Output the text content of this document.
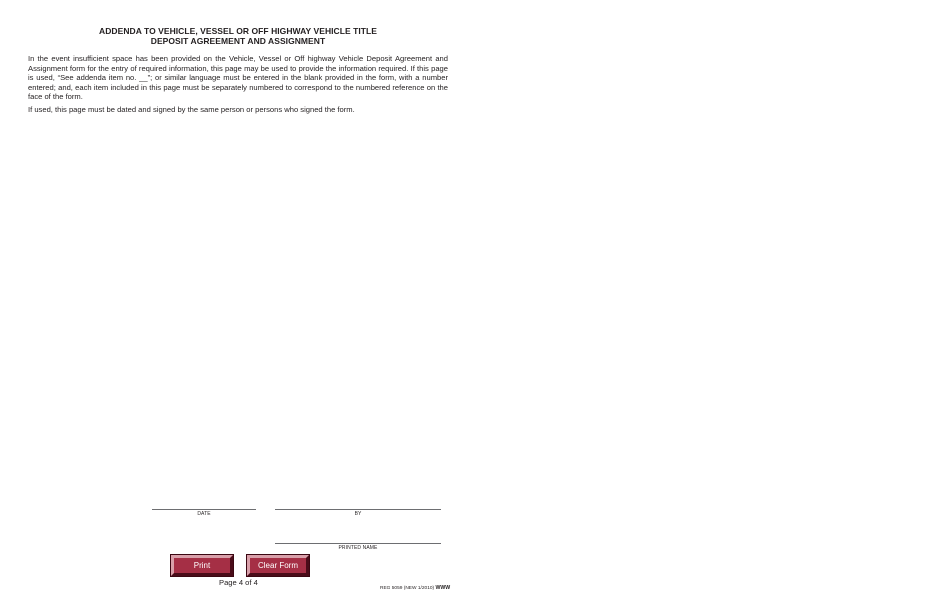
ADDENDA TO VEHICLE, VESSEL OR OFF HIGHWAY VEHICLE TITLE
DEPOSIT AGREEMENT AND ASSIGNMENT

In the event insufficient space has been provided on the Vehicle, Vessel or Off highway Vehicle Deposit Agreement and Assignment form for the entry of required information, this page may be used to provide the information required. If this page is used, “See addenda item no. __”; or similar language must be entered in the blank provided in the form, with a number entered; and, each item included in this page must be separately numbered to correspond to the numbered reference on the face of the form.

If used, this page must be dated and signed by the same person or persons who signed the form.

DATE	BY
PRINTED NAME
Print	Clear Form
Page 4 of 4
REG 5059 (NEW 1/2010) WWW
